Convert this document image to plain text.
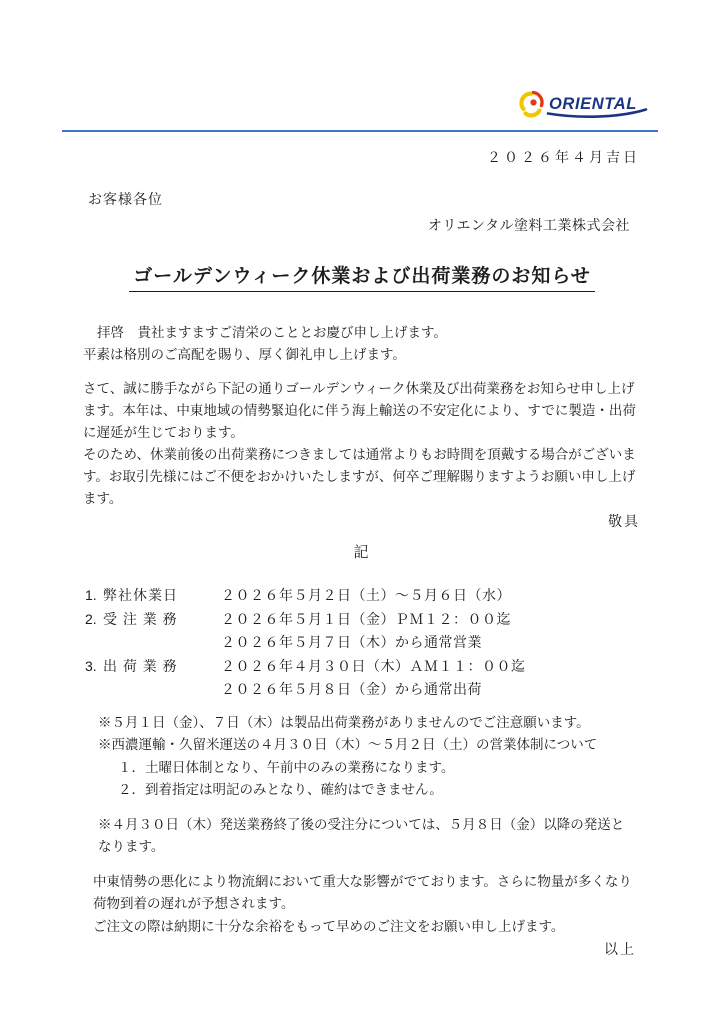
ORIENTAL
２０２６年４月吉日
お客様各位
オリエンタル塗料工業株式会社
ゴールデンウィーク休業および出荷業務のお知らせ
拝啓　貴社ますますご清栄のこととお慶び申し上げます。
平素は格別のご高配を賜り、厚く御礼申し上げます。
さて、誠に勝手ながら下記の通りゴールデンウィーク休業及び出荷業務をお知らせ申し上げ
ます。本年は、中東地域の情勢緊迫化に伴う海上輸送の不安定化により、すでに製造・出荷
に遅延が生じております。
そのため、休業前後の出荷業務につきましては通常よりもお時間を頂戴する場合がございま
す。お取引先様にはご不便をおかけいたしますが、何卒ご理解賜りますようお願い申し上げ
ます。
敬具
記
1. 弊社休業日	２０２６年５月２日（土）～５月６日（水）
2. 受 注 業 務	２０２６年５月１日（金）ＰＭ１２：００迄
２０２６年５月７日（木）から通常営業
3. 出 荷 業 務	２０２６年４月３０日（木）ＡＭ１１：００迄
２０２６年５月８日（金）から通常出荷
※５月１日（金）、７日（木）は製品出荷業務がありませんのでご注意願います。
※西濃運輸・久留米運送の４月３０日（木）～５月２日（土）の営業体制について
１．土曜日体制となり、午前中のみの業務になります。
２．到着指定は明記のみとなり、確約はできません。
※４月３０日（木）発送業務終了後の受注分については、５月８日（金）以降の発送と
なります。
中東情勢の悪化により物流網において重大な影響がでております。さらに物量が多くなり
荷物到着の遅れが予想されます。
ご注文の際は納期に十分な余裕をもって早めのご注文をお願い申し上げます。
以上
